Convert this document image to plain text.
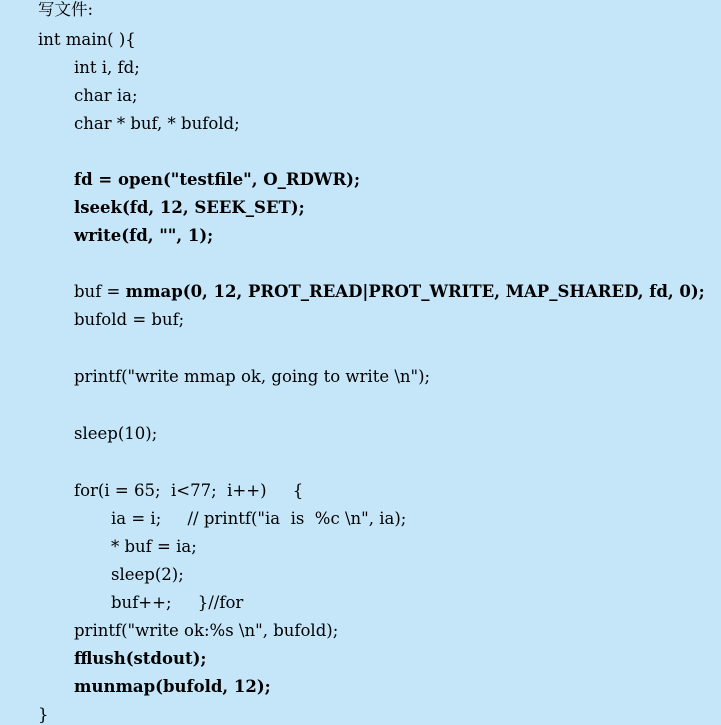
写文件:
int main( ){
int i, fd;
char ia;
char * buf, * bufold;
fd = open("testfile", O_RDWR);
lseek(fd, 12, SEEK_SET);
write(fd, "", 1);
buf = mmap(0, 12, PROT_READ|PROT_WRITE, MAP_SHARED, fd, 0);
bufold = buf;
printf("write mmap ok, going to write \n");
sleep(10);
for(i = 65;  i<77;  i++)     {
ia = i;     // printf("ia  is  %c \n", ia);
* buf = ia;
sleep(2);
buf++;     }//for
printf("write ok:%s \n", bufold);
fflush(stdout);
munmap(bufold, 12);
}
